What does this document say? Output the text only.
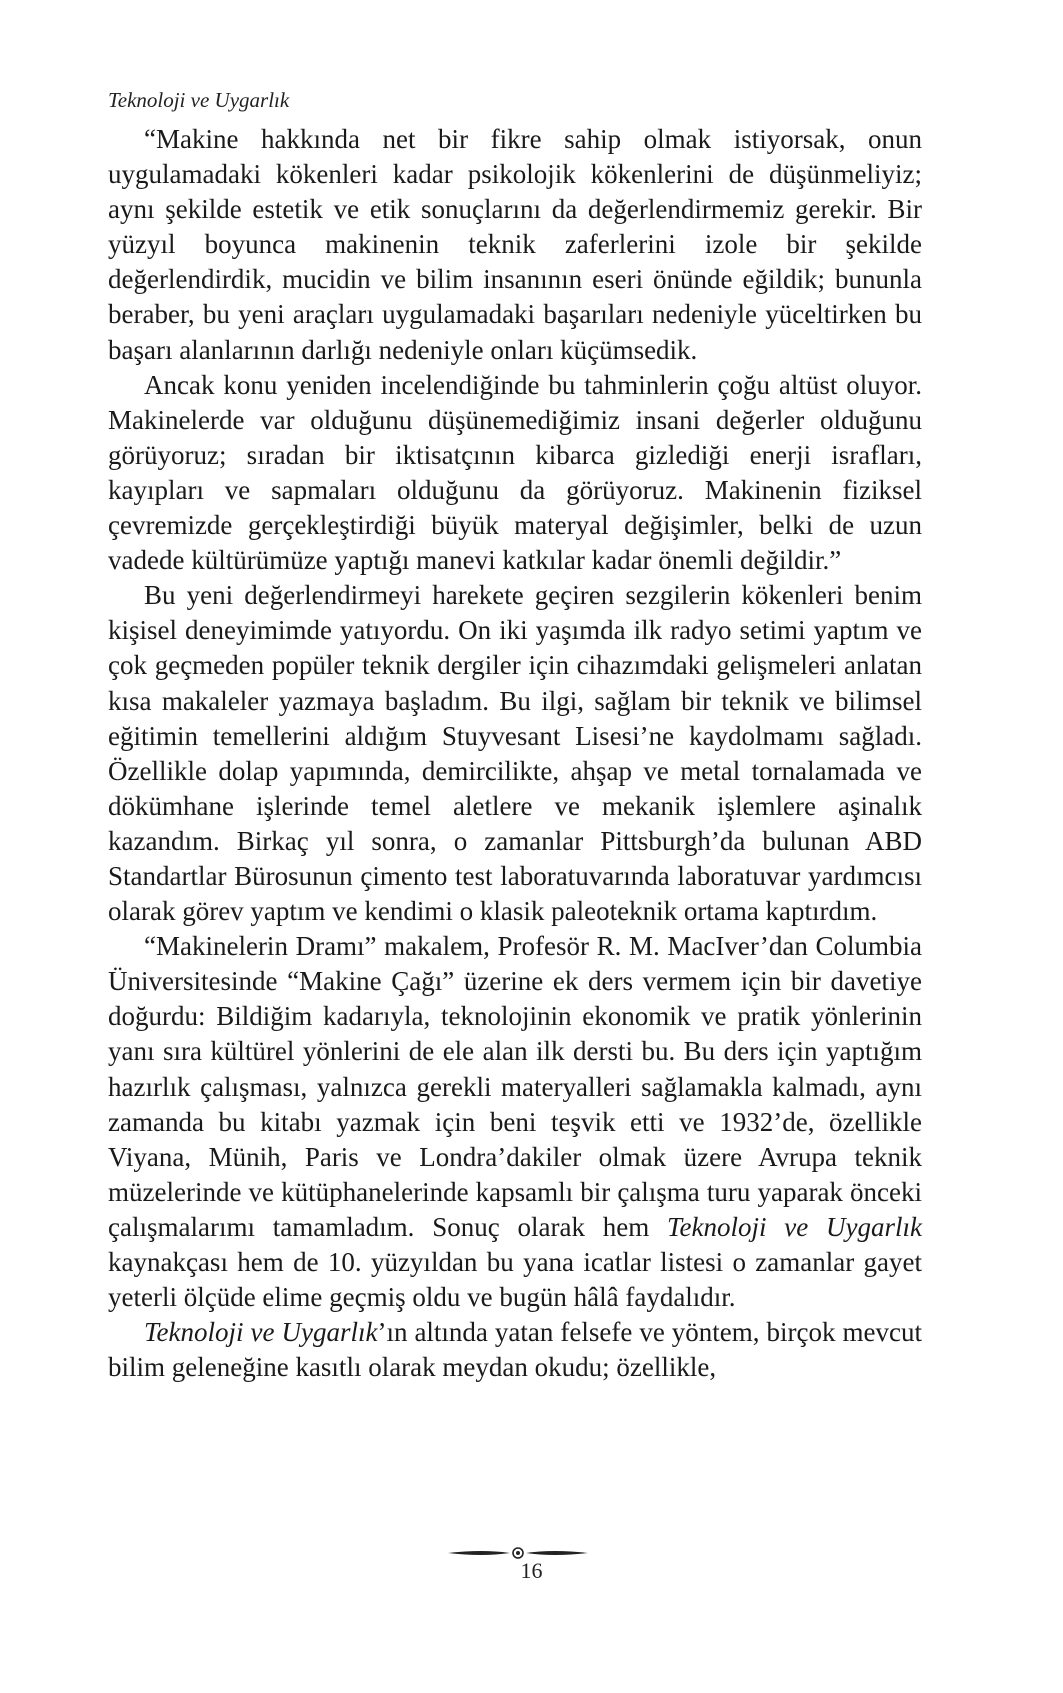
Teknoloji ve Uygarlık

“Makine hakkında net bir fikre sahip olmak istiyorsak, onun uygulamadaki kökenleri kadar psikolojik kökenlerini de düşünmeliyiz; aynı şekilde estetik ve etik sonuçlarını da değerlendirmemiz gerekir. Bir yüzyıl boyunca makinenin teknik zaferlerini izole bir şekilde değerlendirdik, mucidin ve bilim insanının eseri önünde eğildik; bununla beraber, bu yeni araçları uygulamadaki başarıları nedeniyle yüceltirken bu başarı alanlarının darlığı nedeniyle onları küçümsedik.

Ancak konu yeniden incelendiğinde bu tahminlerin çoğu altüst oluyor. Makinelerde var olduğunu düşünemediğimiz insani değerler olduğunu görüyoruz; sıradan bir iktisatçının kibarca gizlediği enerji israfları, kayıpları ve sapmaları olduğunu da görüyoruz. Makinenin fiziksel çevremizde gerçekleştirdiği büyük materyal değişimler, belki de uzun vadede kültürümüze yaptığı manevi katkılar kadar önemli değildir.”

Bu yeni değerlendirmeyi harekete geçiren sezgilerin kökenleri benim kişisel deneyimimde yatıyordu. On iki yaşımda ilk radyo setimi yaptım ve çok geçmeden popüler teknik dergiler için cihazımdaki gelişmeleri anlatan kısa makaleler yazmaya başladım. Bu ilgi, sağlam bir teknik ve bilimsel eğitimin temellerini aldığım Stuyvesant Lisesi’ne kaydolmamı sağladı. Özellikle dolap yapımında, demircilikte, ahşap ve metal tornalamada ve dökümhane işlerinde temel aletlere ve mekanik işlemlere aşinalık kazandım. Birkaç yıl sonra, o zamanlar Pittsburgh’da bulunan ABD Standartlar Bürosunun çimento test laboratuvarında laboratuvar yardımcısı olarak görev yaptım ve kendimi o klasik paleoteknik ortama kaptırdım.

“Makinelerin Dramı” makalem, Profesör R. M. MacIver’dan Columbia Üniversitesinde “Makine Çağı” üzerine ek ders vermem için bir davetiye doğurdu: Bildiğim kadarıyla, teknolojinin ekonomik ve pratik yönlerinin yanı sıra kültürel yönlerini de ele alan ilk dersti bu. Bu ders için yaptığım hazırlık çalışması, yalnızca gerekli materyalleri sağlamakla kalmadı, aynı zamanda bu kitabı yazmak için beni teşvik etti ve 1932’de, özellikle Viyana, Münih, Paris ve Londra’dakiler olmak üzere Avrupa teknik müzelerinde ve kütüphanelerinde kapsamlı bir çalışma turu yaparak önceki çalışmalarımı tamamladım. Sonuç olarak hem Teknoloji ve Uygarlık kaynakçası hem de 10. yüzyıldan bu yana icatlar listesi o zamanlar gayet yeterli ölçüde elime geçmiş oldu ve bugün hâlâ faydalıdır.

Teknoloji ve Uygarlık’ın altında yatan felsefe ve yöntem, birçok mevcut bilim geleneğine kasıtlı olarak meydan okudu; özellikle,

16
